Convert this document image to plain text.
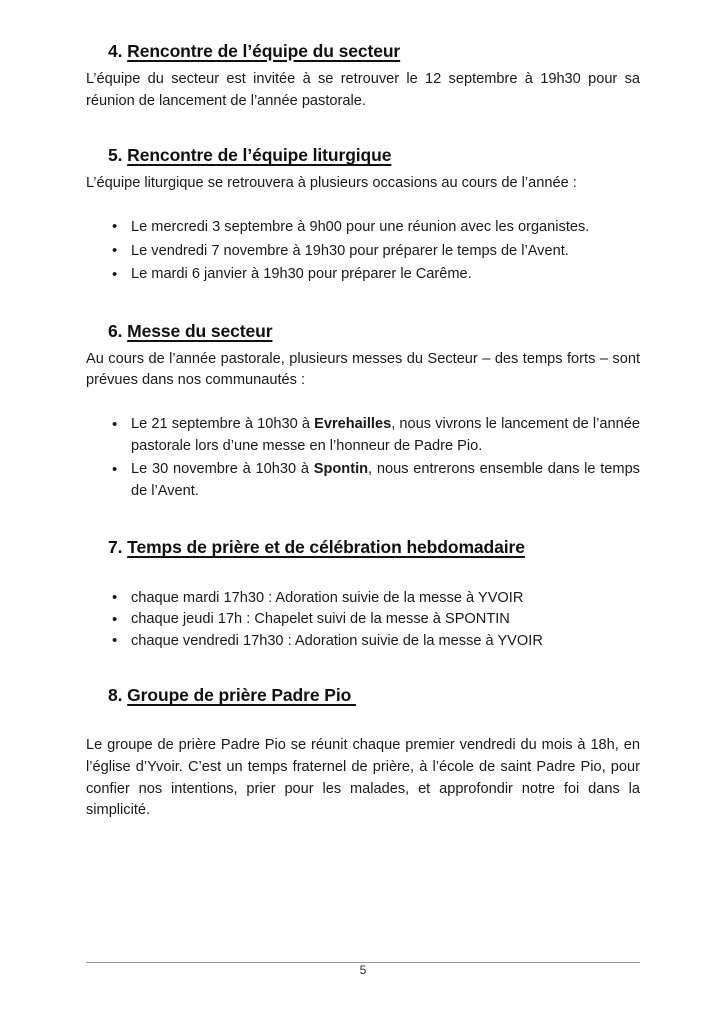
4. Rencontre de l’équipe du secteur

L’équipe du secteur est invitée à se retrouver le 12 septembre à 19h30 pour sa réunion de lancement de l’année pastorale.

5. Rencontre de l’équipe liturgique

L’équipe liturgique se retrouvera à plusieurs occasions au cours de l’année :

• Le mercredi 3 septembre à 9h00 pour une réunion avec les organistes.
• Le vendredi 7 novembre à 19h30 pour préparer le temps de l’Avent.
• Le mardi 6 janvier à 19h30 pour préparer le Carême.
6. Messe du secteur

Au cours de l’année pastorale, plusieurs messes du Secteur – des temps forts – sont prévues dans nos communautés :

• Le 21 septembre à 10h30 à Evrehailles, nous vivrons le lancement de l’année pastorale lors d’une messe en l’honneur de Padre Pio.
• Le 30 novembre à 10h30 à Spontin, nous entrerons ensemble dans le temps de l’Avent.
7. Temps de prière et de célébration hebdomadaire
• chaque mardi 17h30 : Adoration suivie de la messe à YVOIR
• chaque jeudi 17h : Chapelet suivi de la messe à SPONTIN
• chaque vendredi 17h30 : Adoration suivie de la messe à YVOIR
8. Groupe de prière Padre Pio

Le groupe de prière Padre Pio se réunit chaque premier vendredi du mois à 18h, en l’église d’Yvoir. C’est un temps fraternel de prière, à l’école de saint Padre Pio, pour confier nos intentions, prier pour les malades, et approfondir notre foi dans la simplicité.

5
